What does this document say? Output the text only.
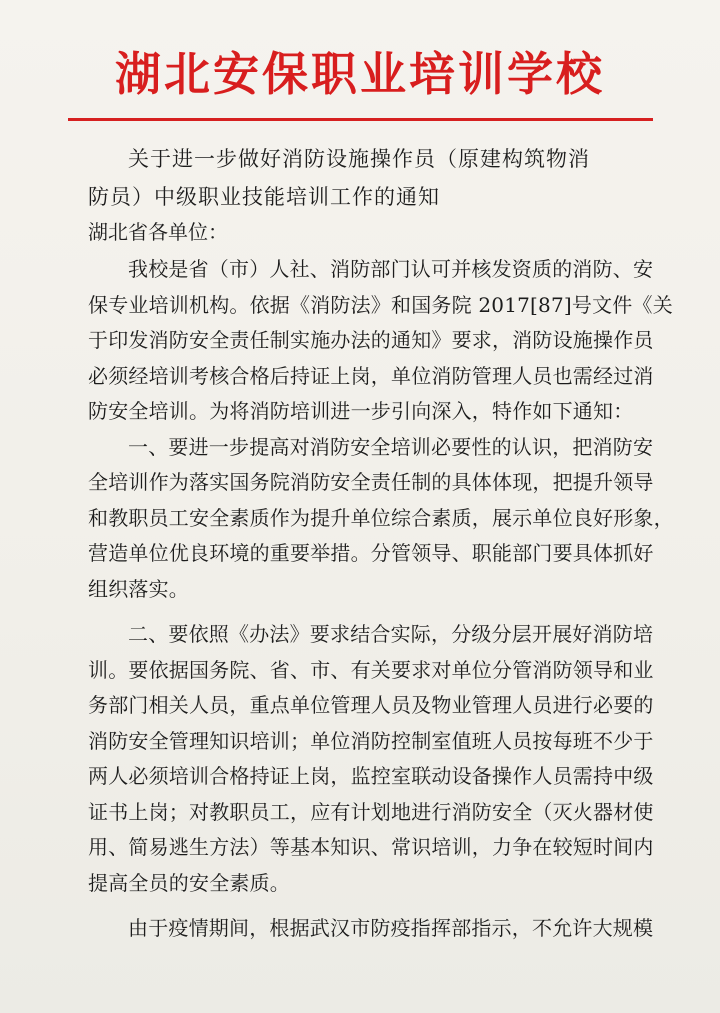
湖北安保职业培训学校
关于进一步做好消防设施操作员（原建构筑物消
防员）中级职业技能培训工作的通知
湖北省各单位：

我校是省（市）人社、消防部门认可并核发资质的消防、安
保专业培训机构。依据《消防法》和国务院 2017[87]号文件《关
于印发消防安全责任制实施办法的通知》要求，消防设施操作员
必须经培训考核合格后持证上岗，单位消防管理人员也需经过消
防安全培训。为将消防培训进一步引向深入，特作如下通知：

一、要进一步提高对消防安全培训必要性的认识，把消防安
全培训作为落实国务院消防安全责任制的具体体现，把提升领导
和教职员工安全素质作为提升单位综合素质，展示单位良好形象，
营造单位优良环境的重要举措。分管领导、职能部门要具体抓好
组织落实。

二、要依照《办法》要求结合实际，分级分层开展好消防培
训。要依据国务院、省、市、有关要求对单位分管消防领导和业
务部门相关人员，重点单位管理人员及物业管理人员进行必要的
消防安全管理知识培训；单位消防控制室值班人员按每班不少于
两人必须培训合格持证上岗，监控室联动设备操作人员需持中级
证书上岗；对教职员工，应有计划地进行消防安全（灭火器材使
用、简易逃生方法）等基本知识、常识培训，力争在较短时间内
提高全员的安全素质。

由于疫情期间，根据武汉市防疫指挥部指示，不允许大规模
